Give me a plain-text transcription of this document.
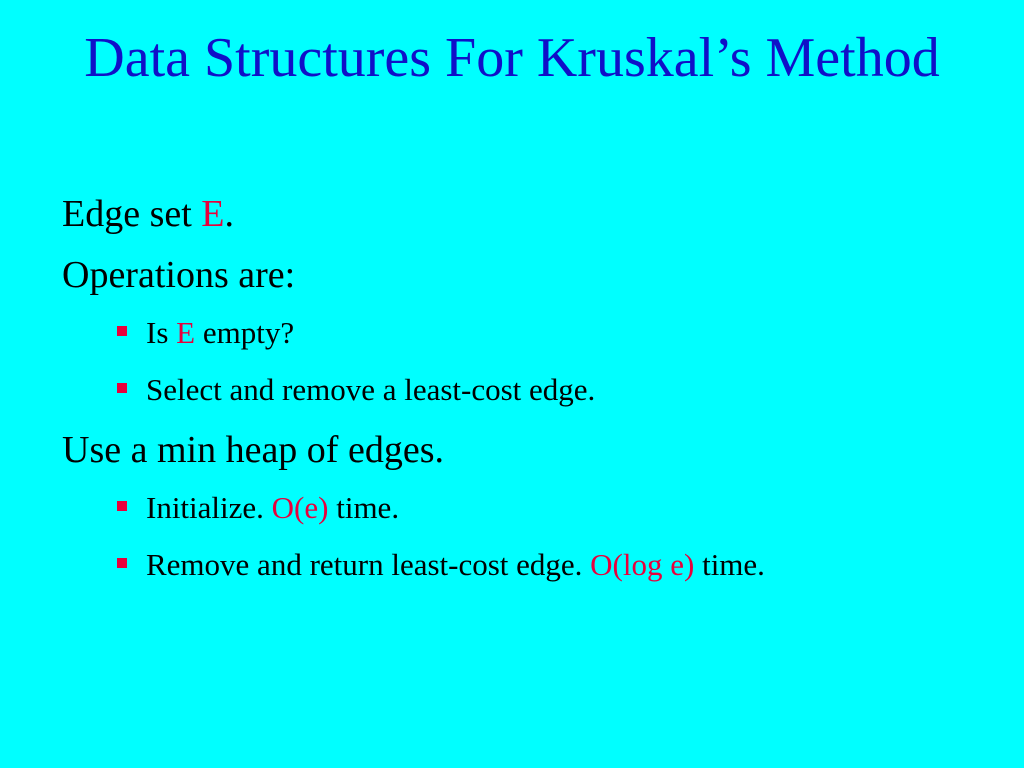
Data Structures For Kruskal’s Method
Edge set E.
Operations are:
Is E empty?
Select and remove a least-cost edge.
Use a min heap of edges.
Initialize. O(e) time.
Remove and return least-cost edge. O(log e) time.
